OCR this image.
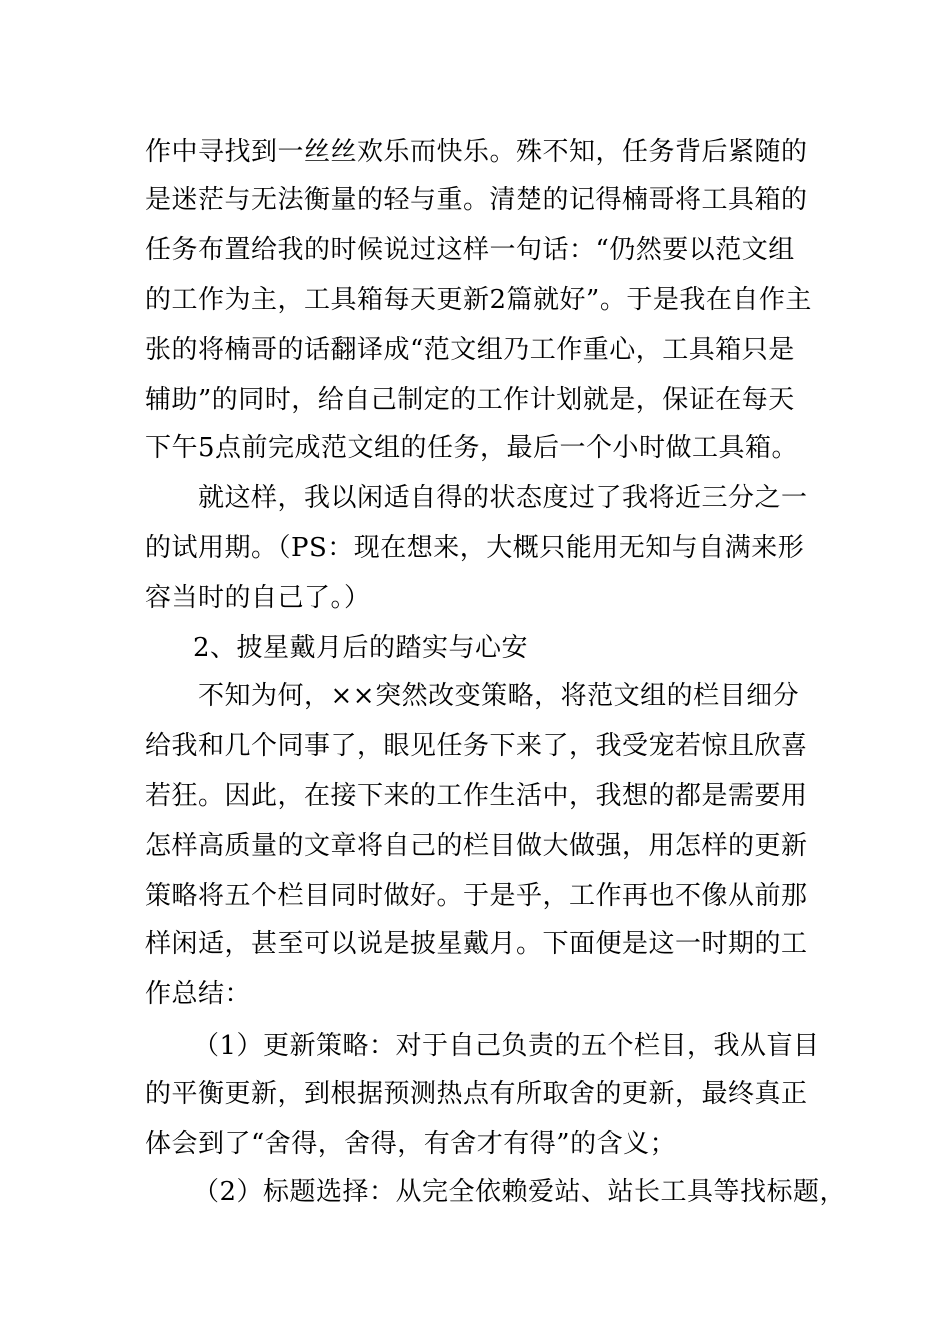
作中寻找到一丝丝欢乐而快乐。殊不知，任务背后紧随的
是迷茫与无法衡量的轻与重。清楚的记得楠哥将工具箱的
任务布置给我的时候说过这样一句话：“仍然要以范文组
的工作为主，工具箱每天更新2篇就好”。于是我在自作主
张的将楠哥的话翻译成“范文组乃工作重心，工具箱只是
辅助”的同时，给自己制定的工作计划就是，保证在每天
下午5点前完成范文组的任务，最后一个小时做工具箱。
就这样，我以闲适自得的状态度过了我将近三分之一
的试用期。（PS：现在想来，大概只能用无知与自满来形
容当时的自己了。）
2、披星戴月后的踏实与心安
不知为何，××突然改变策略，将范文组的栏目细分
给我和几个同事了，眼见任务下来了，我受宠若惊且欣喜
若狂。因此，在接下来的工作生活中，我想的都是需要用
怎样高质量的文章将自己的栏目做大做强，用怎样的更新
策略将五个栏目同时做好。于是乎，工作再也不像从前那
样闲适，甚至可以说是披星戴月。下面便是这一时期的工
作总结：
（1）更新策略：对于自己负责的五个栏目，我从盲目
的平衡更新，到根据预测热点有所取舍的更新，最终真正
体会到了“舍得，舍得，有舍才有得”的含义；
（2）标题选择：从完全依赖爱站、站长工具等找标题，
